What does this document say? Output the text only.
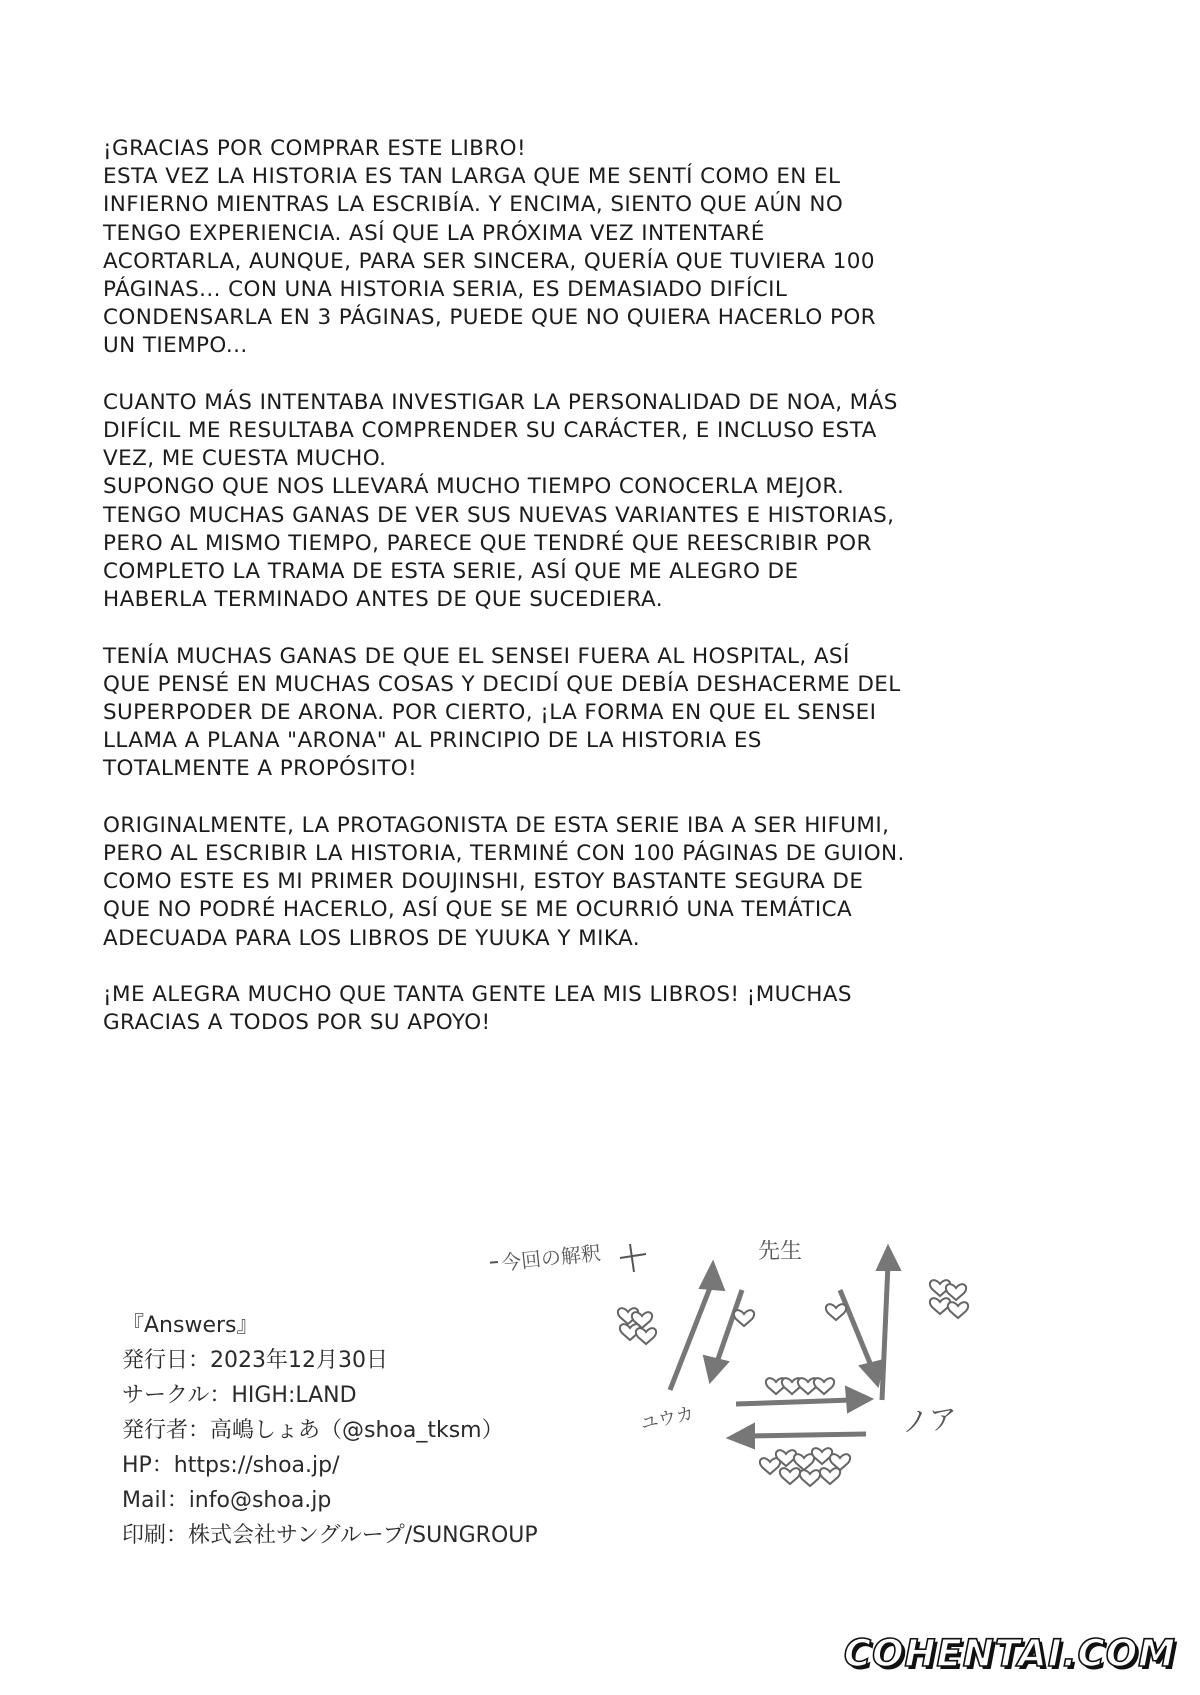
¡GRACIAS POR COMPRAR ESTE LIBRO!
ESTA VEZ LA HISTORIA ES TAN LARGA QUE ME SENTÍ COMO EN EL
INFIERNO MIENTRAS LA ESCRIBÍA. Y ENCIMA, SIENTO QUE AÚN NO
TENGO EXPERIENCIA. ASÍ QUE LA PRÓXIMA VEZ INTENTARÉ
ACORTARLA, AUNQUE, PARA SER SINCERA, QUERÍA QUE TUVIERA 100
PÁGINAS... CON UNA HISTORIA SERIA, ES DEMASIADO DIFÍCIL
CONDENSARLA EN 3 PÁGINAS, PUEDE QUE NO QUIERA HACERLO POR
UN TIEMPO...

CUANTO MÁS INTENTABA INVESTIGAR LA PERSONALIDAD DE NOA, MÁS
DIFÍCIL ME RESULTABA COMPRENDER SU CARÁCTER, E INCLUSO ESTA
VEZ, ME CUESTA MUCHO.
SUPONGO QUE NOS LLEVARÁ MUCHO TIEMPO CONOCERLA MEJOR.
TENGO MUCHAS GANAS DE VER SUS NUEVAS VARIANTES E HISTORIAS,
PERO AL MISMO TIEMPO, PARECE QUE TENDRÉ QUE REESCRIBIR POR
COMPLETO LA TRAMA DE ESTA SERIE, ASÍ QUE ME ALEGRO DE
HABERLA TERMINADO ANTES DE QUE SUCEDIERA.

TENÍA MUCHAS GANAS DE QUE EL SENSEI FUERA AL HOSPITAL, ASÍ
QUE PENSÉ EN MUCHAS COSAS Y DECIDÍ QUE DEBÍA DESHACERME DEL
SUPERPODER DE ARONA. POR CIERTO, ¡LA FORMA EN QUE EL SENSEI
LLAMA A PLANA "ARONA" AL PRINCIPIO DE LA HISTORIA ES
TOTALMENTE A PROPÓSITO!

ORIGINALMENTE, LA PROTAGONISTA DE ESTA SERIE IBA A SER HIFUMI,
PERO AL ESCRIBIR LA HISTORIA, TERMINÉ CON 100 PÁGINAS DE GUION.
COMO ESTE ES MI PRIMER DOUJINSHI, ESTOY BASTANTE SEGURA DE
QUE NO PODRÉ HACERLO, ASÍ QUE SE ME OCURRIÓ UNA TEMÁTICA
ADECUADA PARA LOS LIBROS DE YUUKA Y MIKA.

¡ME ALEGRA MUCHO QUE TANTA GENTE LEA MIS LIBROS! ¡MUCHAS
GRACIAS A TODOS POR SU APOYO!

『Answers』
発行日：2023年12月30日
サークル：HIGH:LAND
発行者：高嶋しょあ（@shoa_tksm）
HP：https://shoa.jp/
Mail：info@shoa.jp
印刷：株式会社サングループ/SUNGROUP
今回の解釈	先生
ユウカ	ノア
COHENTAI.COM
